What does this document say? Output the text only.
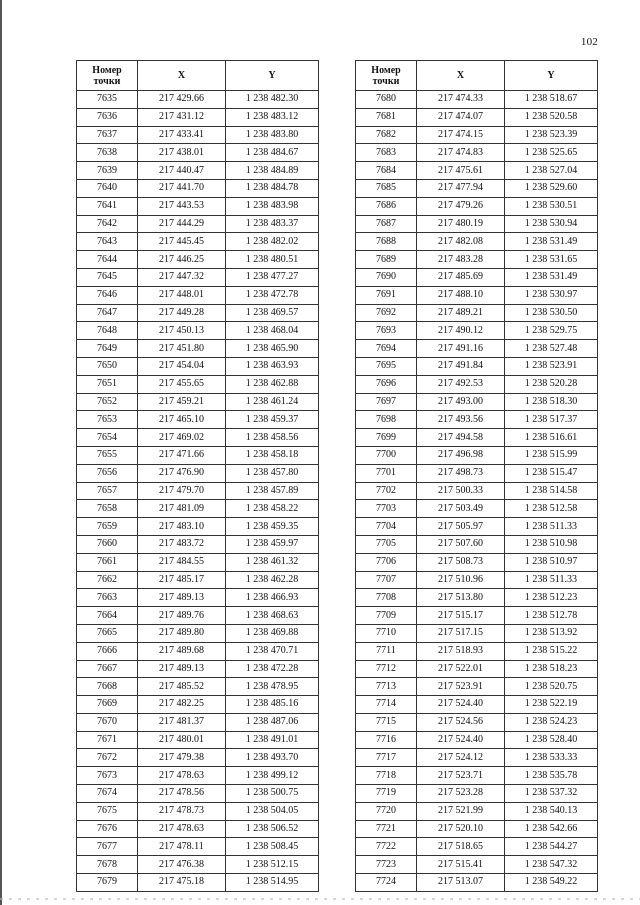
102
Номер
точки	X	Y
7635	217 429.66	1 238 482.30
7636	217 431.12	1 238 483.12
7637	217 433.41	1 238 483.80
7638	217 438.01	1 238 484.67
7639	217 440.47	1 238 484.89
7640	217 441.70	1 238 484.78
7641	217 443.53	1 238 483.98
7642	217 444.29	1 238 483.37
7643	217 445.45	1 238 482.02
7644	217 446.25	1 238 480.51
7645	217 447.32	1 238 477.27
7646	217 448.01	1 238 472.78
7647	217 449.28	1 238 469.57
7648	217 450.13	1 238 468.04
7649	217 451.80	1 238 465.90
7650	217 454.04	1 238 463.93
7651	217 455.65	1 238 462.88
7652	217 459.21	1 238 461.24
7653	217 465.10	1 238 459.37
7654	217 469.02	1 238 458.56
7655	217 471.66	1 238 458.18
7656	217 476.90	1 238 457.80
7657	217 479.70	1 238 457.89
7658	217 481.09	1 238 458.22
7659	217 483.10	1 238 459.35
7660	217 483.72	1 238 459.97
7661	217 484.55	1 238 461.32
7662	217 485.17	1 238 462.28
7663	217 489.13	1 238 466.93
7664	217 489.76	1 238 468.63
7665	217 489.80	1 238 469.88
7666	217 489.68	1 238 470.71
7667	217 489.13	1 238 472.28
7668	217 485.52	1 238 478.95
7669	217 482.25	1 238 485.16
7670	217 481.37	1 238 487.06
7671	217 480.01	1 238 491.01
7672	217 479.38	1 238 493.70
7673	217 478.63	1 238 499.12
7674	217 478.56	1 238 500.75
7675	217 478.73	1 238 504.05
7676	217 478.63	1 238 506.52
7677	217 478.11	1 238 508.45
7678	217 476.38	1 238 512.15
7679	217 475.18	1 238 514.95
Номер
точки	X	Y
7680	217 474.33	1 238 518.67
7681	217 474.07	1 238 520.58
7682	217 474.15	1 238 523.39
7683	217 474.83	1 238 525.65
7684	217 475.61	1 238 527.04
7685	217 477.94	1 238 529.60
7686	217 479.26	1 238 530.51
7687	217 480.19	1 238 530.94
7688	217 482.08	1 238 531.49
7689	217 483.28	1 238 531.65
7690	217 485.69	1 238 531.49
7691	217 488.10	1 238 530.97
7692	217 489.21	1 238 530.50
7693	217 490.12	1 238 529.75
7694	217 491.16	1 238 527.48
7695	217 491.84	1 238 523.91
7696	217 492.53	1 238 520.28
7697	217 493.00	1 238 518.30
7698	217 493.56	1 238 517.37
7699	217 494.58	1 238 516.61
7700	217 496.98	1 238 515.99
7701	217 498.73	1 238 515.47
7702	217 500.33	1 238 514.58
7703	217 503.49	1 238 512.58
7704	217 505.97	1 238 511.33
7705	217 507.60	1 238 510.98
7706	217 508.73	1 238 510.97
7707	217 510.96	1 238 511.33
7708	217 513.80	1 238 512.23
7709	217 515.17	1 238 512.78
7710	217 517.15	1 238 513.92
7711	217 518.93	1 238 515.22
7712	217 522.01	1 238 518.23
7713	217 523.91	1 238 520.75
7714	217 524.40	1 238 522.19
7715	217 524.56	1 238 524.23
7716	217 524.40	1 238 528.40
7717	217 524.12	1 238 533.33
7718	217 523.71	1 238 535.78
7719	217 523.28	1 238 537.32
7720	217 521.99	1 238 540.13
7721	217 520.10	1 238 542.66
7722	217 518.65	1 238 544.27
7723	217 515.41	1 238 547.32
7724	217 513.07	1 238 549.22
